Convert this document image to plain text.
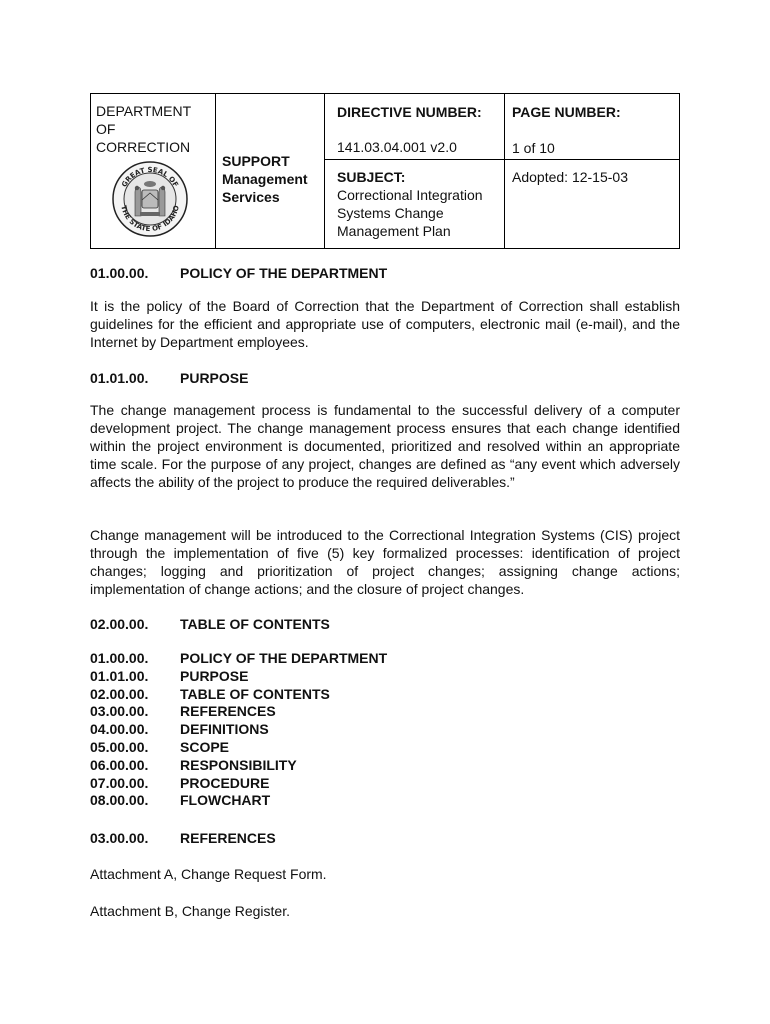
DEPARTMENT
OF
CORRECTION
SUPPORT
Management
Services
DIRECTIVE NUMBER:
141.03.04.001 v2.0
PAGE NUMBER:
1 of 10
SUBJECT:
Correctional Integration
Systems Change
Management Plan
Adopted: 12-15-03
GREAT SEAL OF
THE STATE OF IDAHO
01.00.00. POLICY OF THE DEPARTMENT
It is the policy of the Board of Correction that the Department of Correction shall establish guidelines for the efficient and appropriate use of computers, electronic mail (e-mail), and the Internet by Department employees.
01.01.00. PURPOSE
The change management process is fundamental to the successful delivery of a computer development project. The change management process ensures that each change identified within the project environment is documented, prioritized and resolved within an appropriate time scale. For the purpose of any project, changes are defined as “any event which adversely affects the ability of the project to produce the required deliverables.”
Change management will be introduced to the Correctional Integration Systems (CIS) project through the implementation of five (5) key formalized processes: identification of project changes; logging and prioritization of project changes; assigning change actions; implementation of change actions; and the closure of project changes.
02.00.00. TABLE OF CONTENTS
01.00.00. POLICY OF THE DEPARTMENT
01.01.00. PURPOSE
02.00.00. TABLE OF CONTENTS
03.00.00. REFERENCES
04.00.00. DEFINITIONS
05.00.00. SCOPE
06.00.00. RESPONSIBILITY
07.00.00. PROCEDURE
08.00.00. FLOWCHART
03.00.00. REFERENCES
Attachment A, Change Request Form.
Attachment B, Change Register.
